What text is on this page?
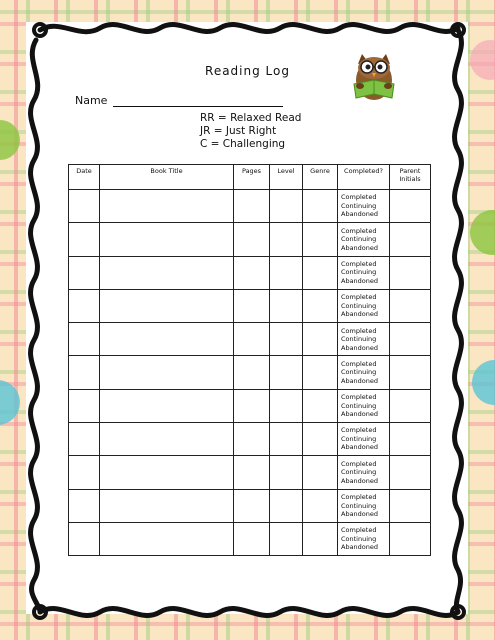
Reading Log
Name
RR = Relaxed Read
JR = Just Right
C = Challenging
Date	Book Title	Pages	Level	Genre	Completed?	Parent Initials

					Completed
Continuing
Abandoned	

					Completed
Continuing
Abandoned	

					Completed
Continuing
Abandoned	

					Completed
Continuing
Abandoned	

					Completed
Continuing
Abandoned	

					Completed
Continuing
Abandoned	

					Completed
Continuing
Abandoned	

					Completed
Continuing
Abandoned	

					Completed
Continuing
Abandoned	

					Completed
Continuing
Abandoned	

					Completed
Continuing
Abandoned	
